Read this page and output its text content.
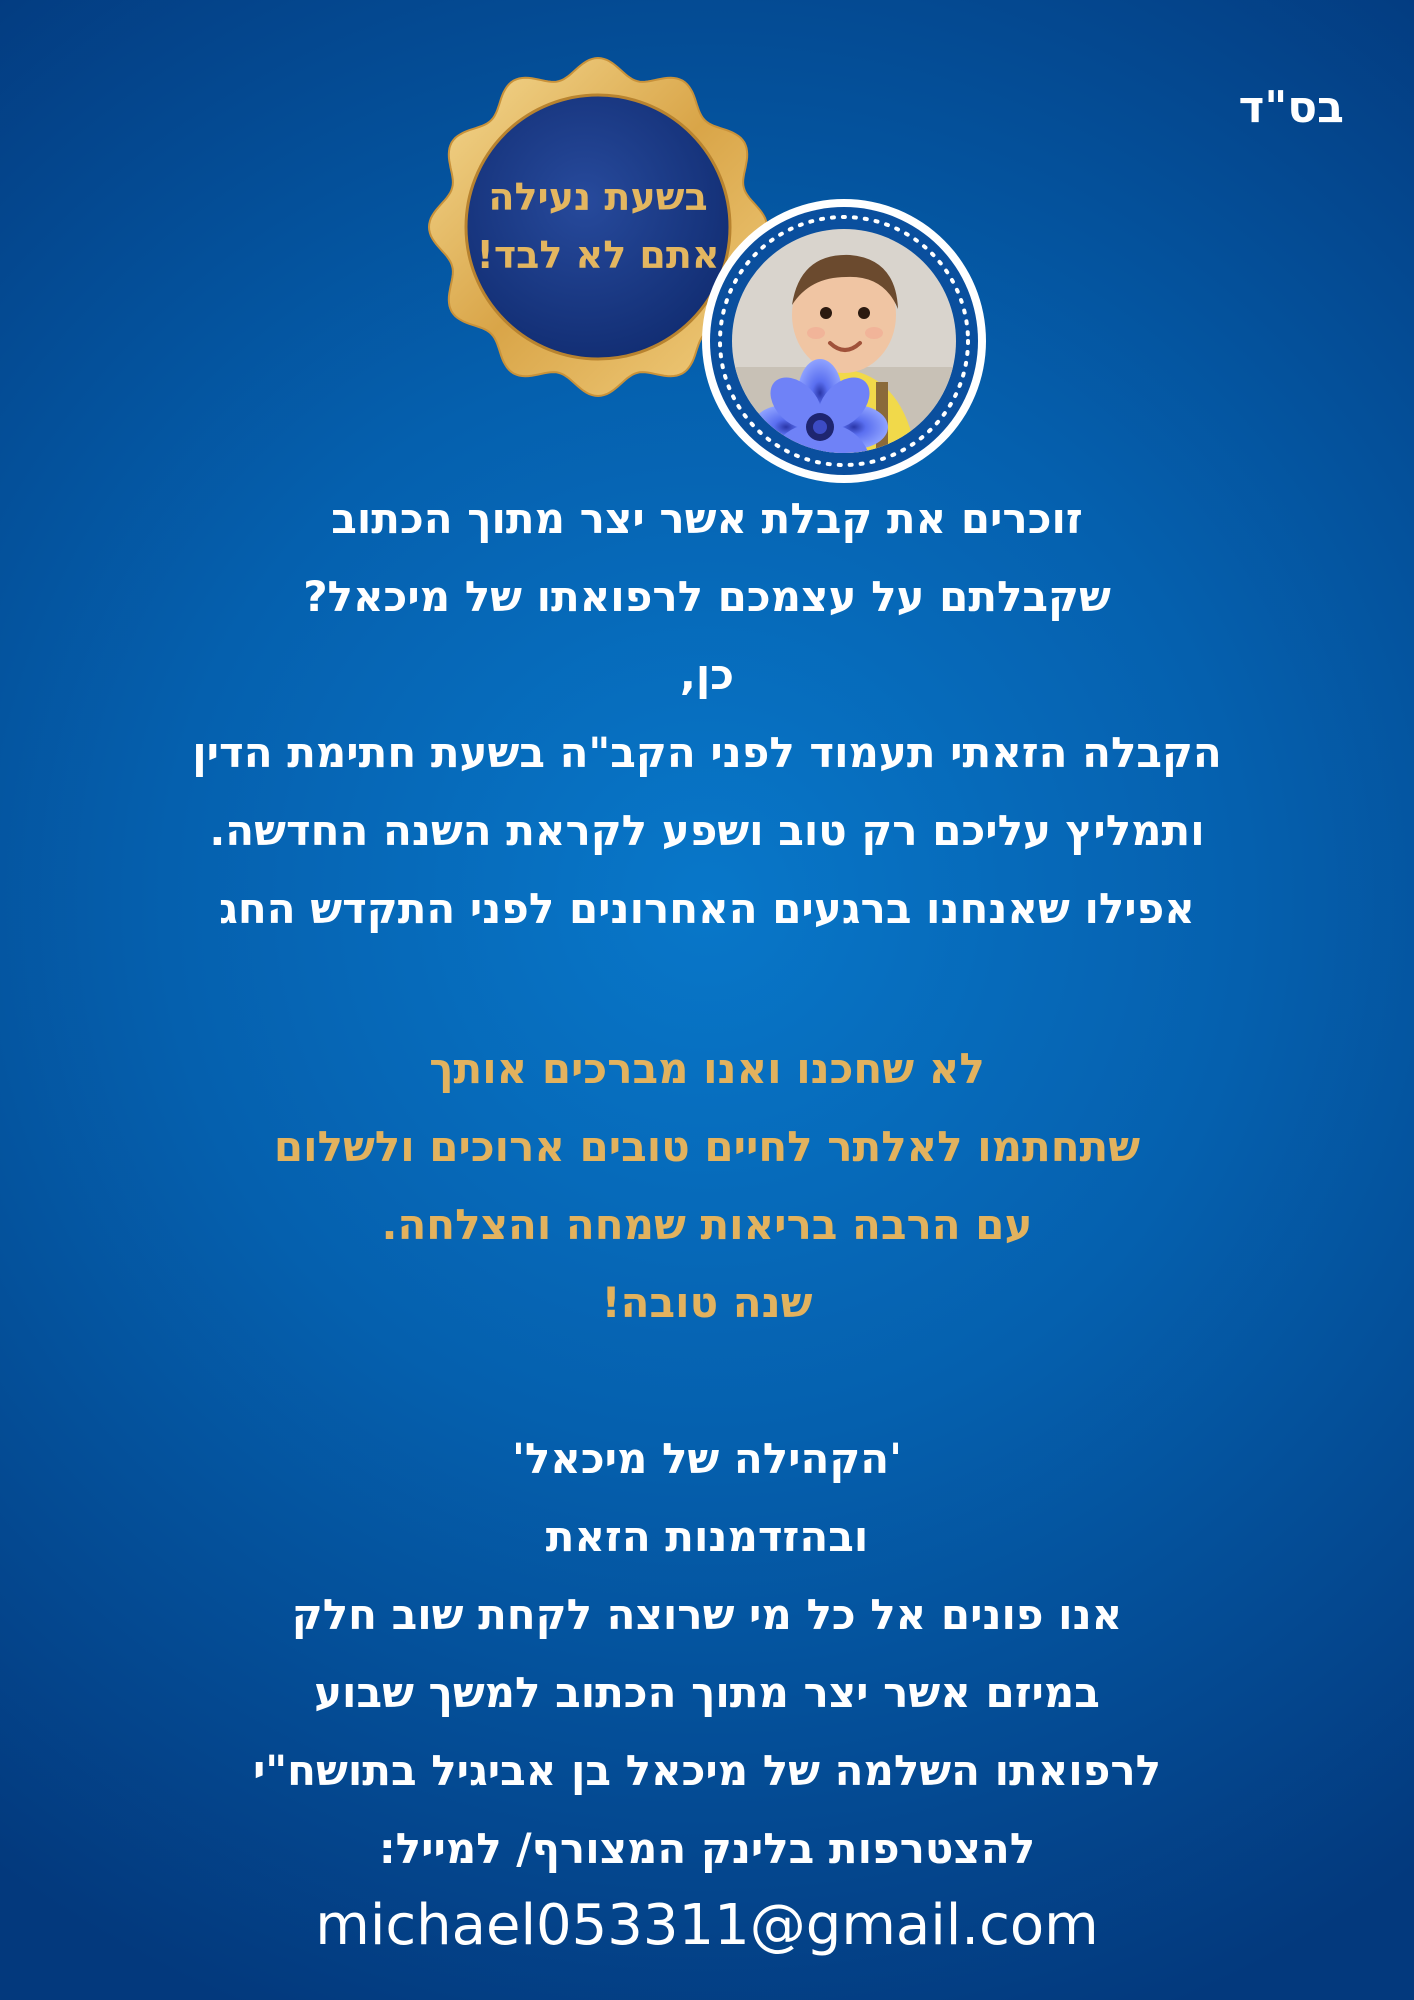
בס"ד
בשעת נעילה
אתם לא לבד!
זוכרים את קבלת אשר יצר מתוך הכתוב
שקבלתם על עצמכם לרפואתו של מיכאל?
כן,
הקבלה הזאתי תעמוד לפני הקב"ה בשעת חתימת הדין
ותמליץ עליכם רק טוב ושפע לקראת השנה החדשה.
אפילו שאנחנו ברגעים האחרונים לפני התקדש החג
לא שחכנו ואנו מברכים אותך
שתחתמו לאלתר לחיים טובים ארוכים ולשלום
עם הרבה בריאות שמחה והצלחה.
שנה טובה!
'הקהילה של מיכאל'
ובהזדמנות הזאת
אנו פונים אל כל מי שרוצה לקחת שוב חלק
במיזם אשר יצר מתוך הכתוב למשך שבוע
לרפואתו השלמה של מיכאל בן אביגיל בתושח"י
להצטרפות בלינק המצורף/ למייל:
michael053311@gmail.com
